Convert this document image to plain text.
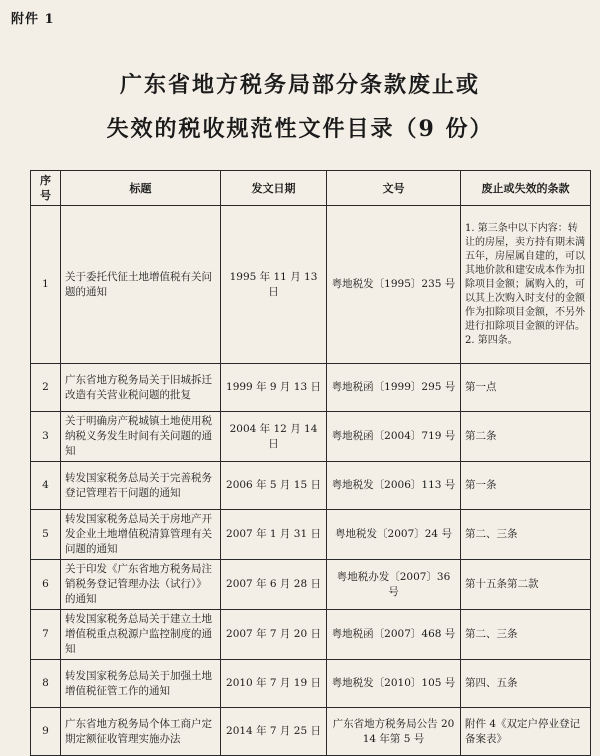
附件 1
广东省地方税务局部分条款废止或
失效的税收规范性文件目录（9 份）
序号	标题	发文日期	文号	废止或失效的条款
1	关于委托代征土地增值税有关问题的通知	1995 年 11 月 13 日	粤地税发〔1995〕235 号	1. 第三条中以下内容：转让的房屋，卖方持有期未满五年，房屋属自建的，可以其地价款和建安成本作为扣除项目金额；属购入的，可以其上次购入时支付的金额作为扣除项目金额，不另外进行扣除项目金额的评估。
2. 第四条。
2	广东省地方税务局关于旧城拆迁改造有关营业税问题的批复	1999 年 9 月 13 日	粤地税函〔1999〕295 号	第一点
3	关于明确房产税城镇土地使用税纳税义务发生时间有关问题的通知	2004 年 12 月 14 日	粤地税函〔2004〕719 号	第二条
4	转发国家税务总局关于完善税务登记管理若干问题的通知	2006 年 5 月 15 日	粤地税发〔2006〕113 号	第一条
5	转发国家税务总局关于房地产开发企业土地增值税清算管理有关问题的通知	2007 年 1 月 31 日	粤地税发〔2007〕24 号	第二、三条
6	关于印发《广东省地方税务局注销税务登记管理办法（试行）》的通知	2007 年 6 月 28 日	粤地税办发〔2007〕36 号	第十五条第二款
7	转发国家税务总局关于建立土地增值税重点税源户监控制度的通知	2007 年 7 月 20 日	粤地税函〔2007〕468 号	第二、三条
8	转发国家税务总局关于加强土地增值税征管工作的通知	2010 年 7 月 19 日	粤地税发〔2010〕105 号	第四、五条
9	广东省地方税务局个体工商户定期定额征收管理实施办法	2014 年 7 月 25 日	广东省地方税务局公告 2014 年第 5 号	附件 4《双定户停业登记备案表》
